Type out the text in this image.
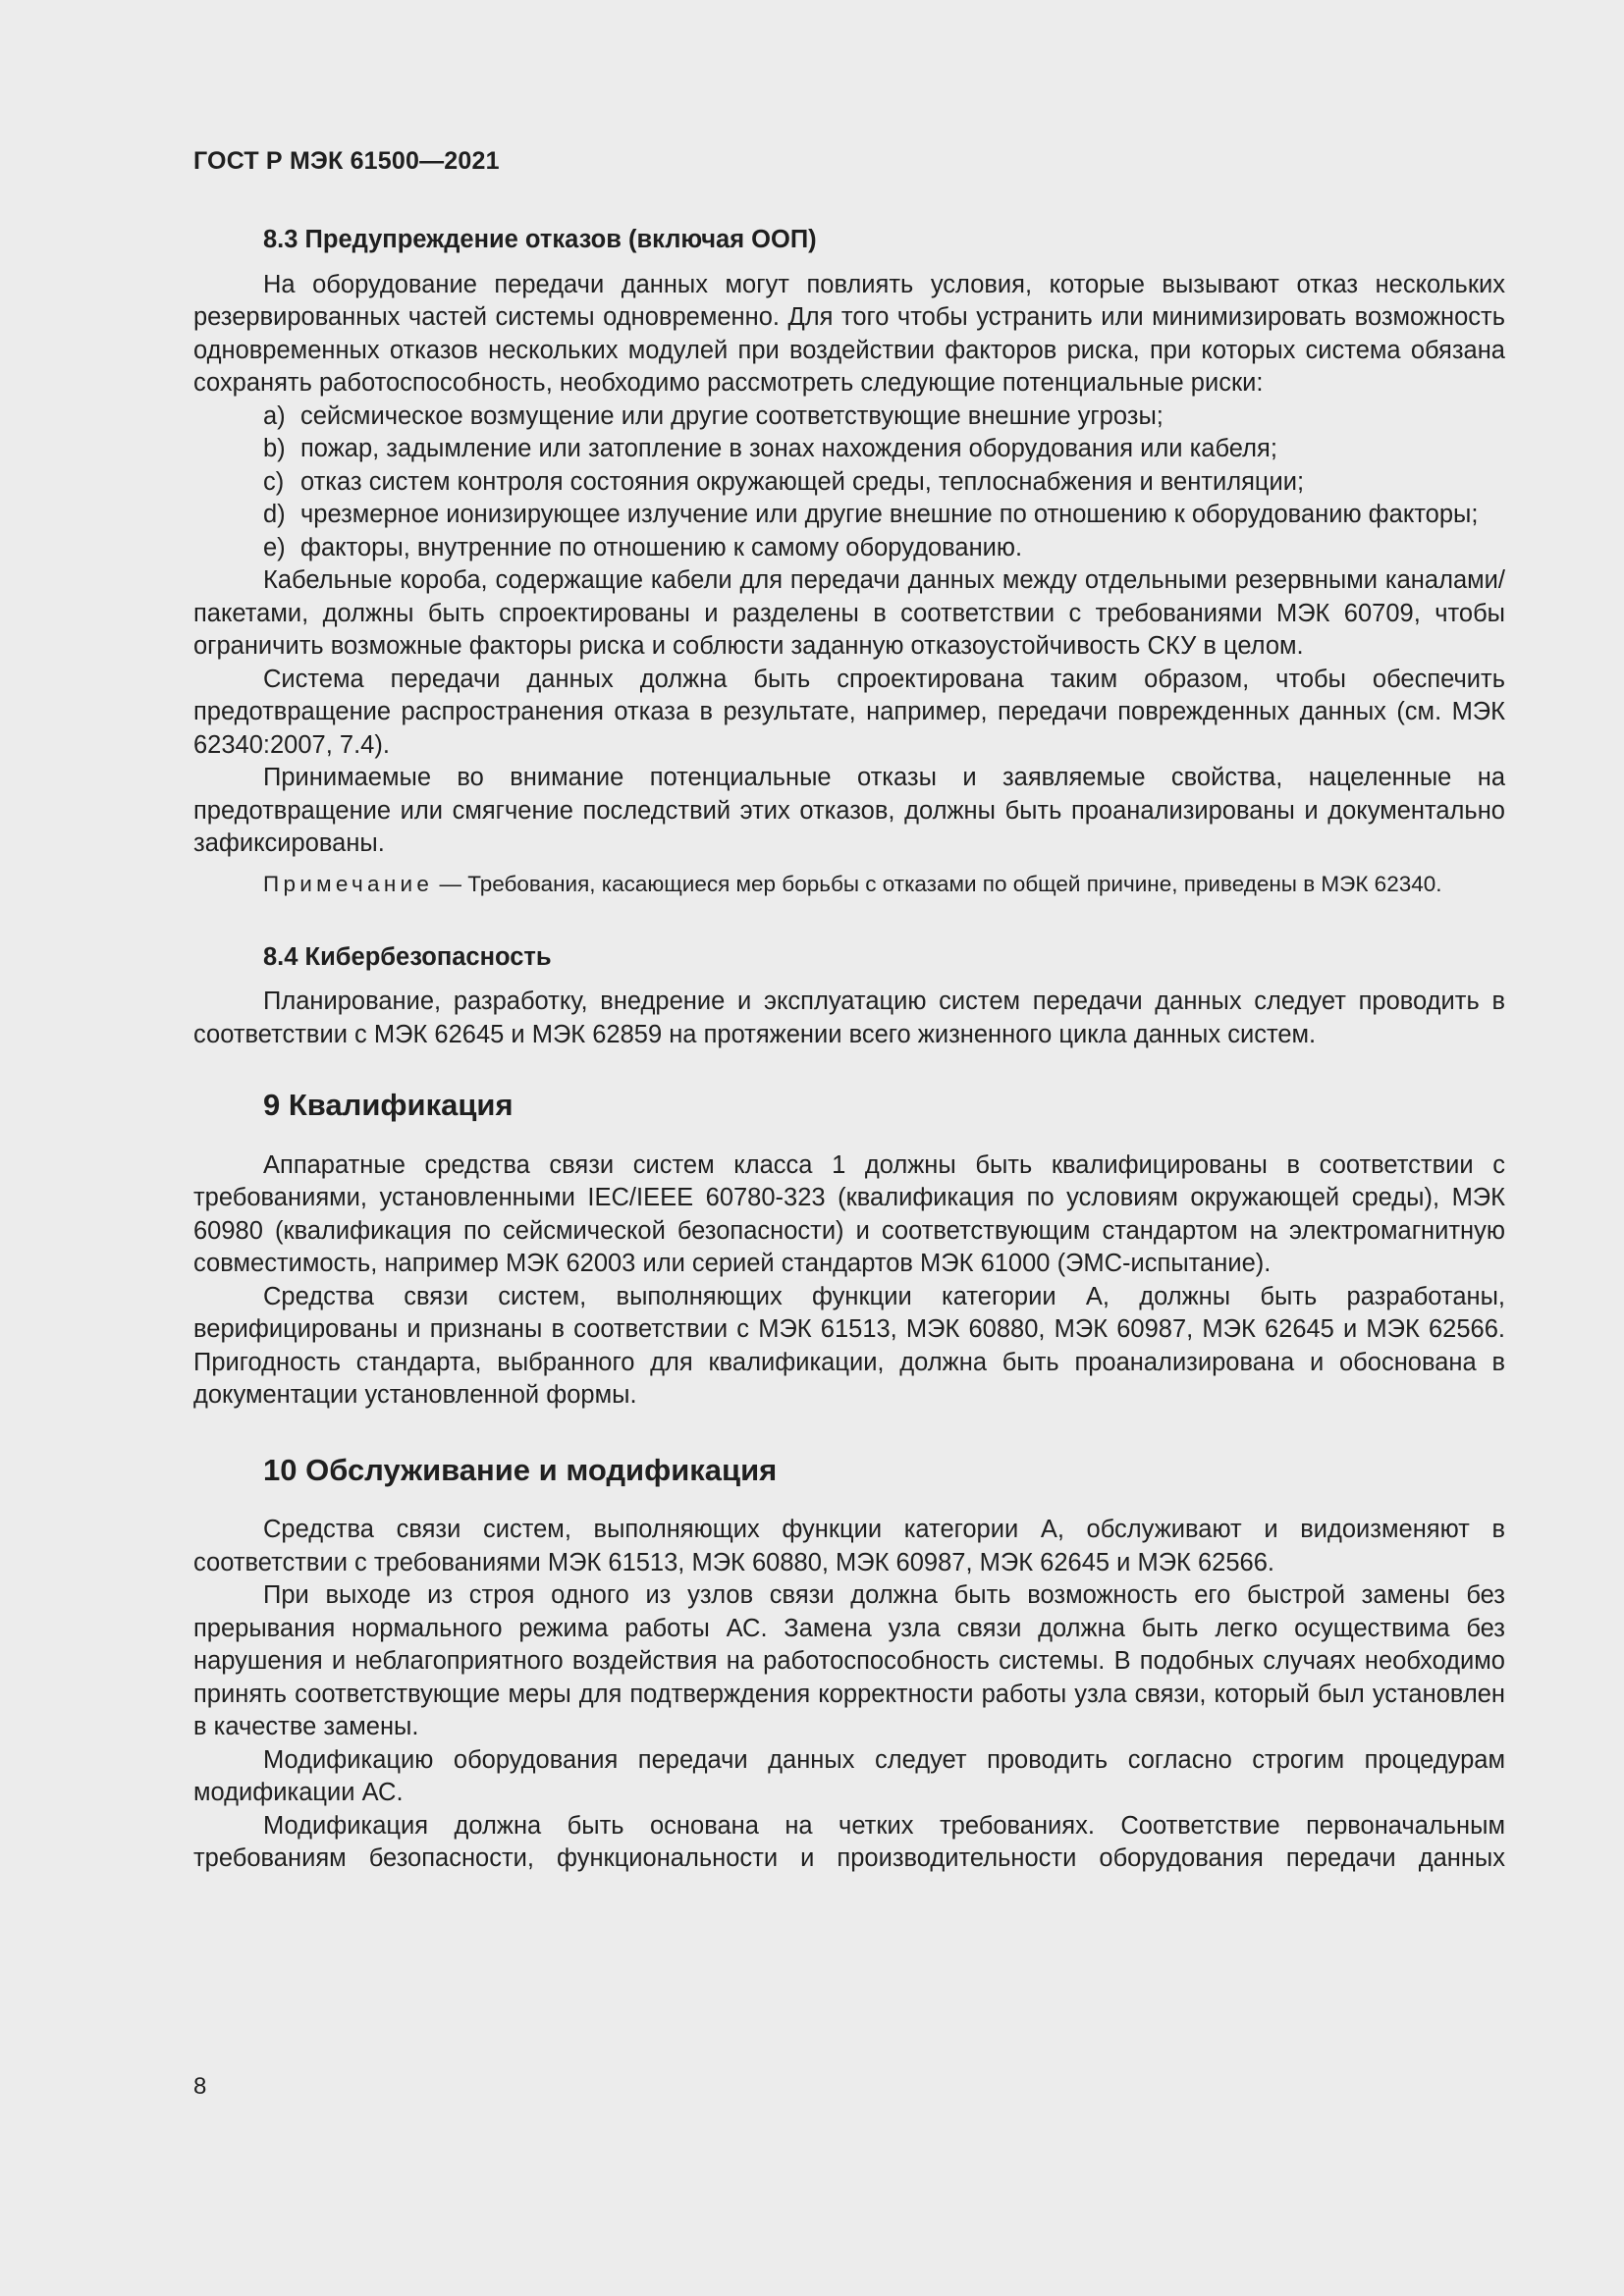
ГОСТ Р МЭК 61500—2021

8.3 Предупреждение отказов (включая ООП)

На оборудование передачи данных могут повлиять условия, которые вызывают отказ нескольких резервированных частей системы одновременно. Для того чтобы устранить или минимизировать возможность одновременных отказов нескольких модулей при воздействии факторов риска, при которых система обязана сохранять работоспособность, необходимо рассмотреть следующие потенциальные риски:

a) сейсмическое возмущение или другие соответствующие внешние угрозы;

b) пожар, задымление или затопление в зонах нахождения оборудования или кабеля;

c) отказ систем контроля состояния окружающей среды, теплоснабжения и вентиляции;

d) чрезмерное ионизирующее излучение или другие внешние по отношению к оборудованию факторы;

e) факторы, внутренние по отношению к самому оборудованию.

Кабельные короба, содержащие кабели для передачи данных между отдельными резервными каналами/пакетами, должны быть спроектированы и разделены в соответствии с требованиями МЭК 60709, чтобы ограничить возможные факторы риска и соблюсти заданную отказоустойчивость СКУ в целом.

Система передачи данных должна быть спроектирована таким образом, чтобы обеспечить предотвращение распространения отказа в результате, например, передачи поврежденных данных (см. МЭК 62340:2007, 7.4).

Принимаемые во внимание потенциальные отказы и заявляемые свойства, нацеленные на предотвращение или смягчение последствий этих отказов, должны быть проанализированы и документально зафиксированы.

Примечание — Требования, касающиеся мер борьбы с отказами по общей причине, приведены в МЭК 62340.

8.4 Кибербезопасность

Планирование, разработку, внедрение и эксплуатацию систем передачи данных следует проводить в соответствии с МЭК 62645 и МЭК 62859 на протяжении всего жизненного цикла данных систем.

9 Квалификация

Аппаратные средства связи систем класса 1 должны быть квалифицированы в соответствии с требованиями, установленными IEC/IEEE 60780-323 (квалификация по условиям окружающей среды), МЭК 60980 (квалификация по сейсмической безопасности) и соответствующим стандартом на электромагнитную совместимость, например МЭК 62003 или серией стандартов МЭК 61000 (ЭМС-испытание).

Средства связи систем, выполняющих функции категории А, должны быть разработаны, верифицированы и признаны в соответствии с МЭК 61513, МЭК 60880, МЭК 60987, МЭК 62645 и МЭК 62566. Пригодность стандарта, выбранного для квалификации, должна быть проанализирована и обоснована в документации установленной формы.

10 Обслуживание и модификация

Средства связи систем, выполняющих функции категории А, обслуживают и видоизменяют в соответствии с требованиями МЭК 61513, МЭК 60880, МЭК 60987, МЭК 62645 и МЭК 62566.

При выходе из строя одного из узлов связи должна быть возможность его быстрой замены без прерывания нормального режима работы АС. Замена узла связи должна быть легко осуществима без нарушения и неблагоприятного воздействия на работоспособность системы. В подобных случаях необходимо принять соответствующие меры для подтверждения корректности работы узла связи, который был установлен в качестве замены.

Модификацию оборудования передачи данных следует проводить согласно строгим процедурам модификации АС.

Модификация должна быть основана на четких требованиях. Соответствие первоначальным требованиям безопасности, функциональности и производительности оборудования передачи данных

8
